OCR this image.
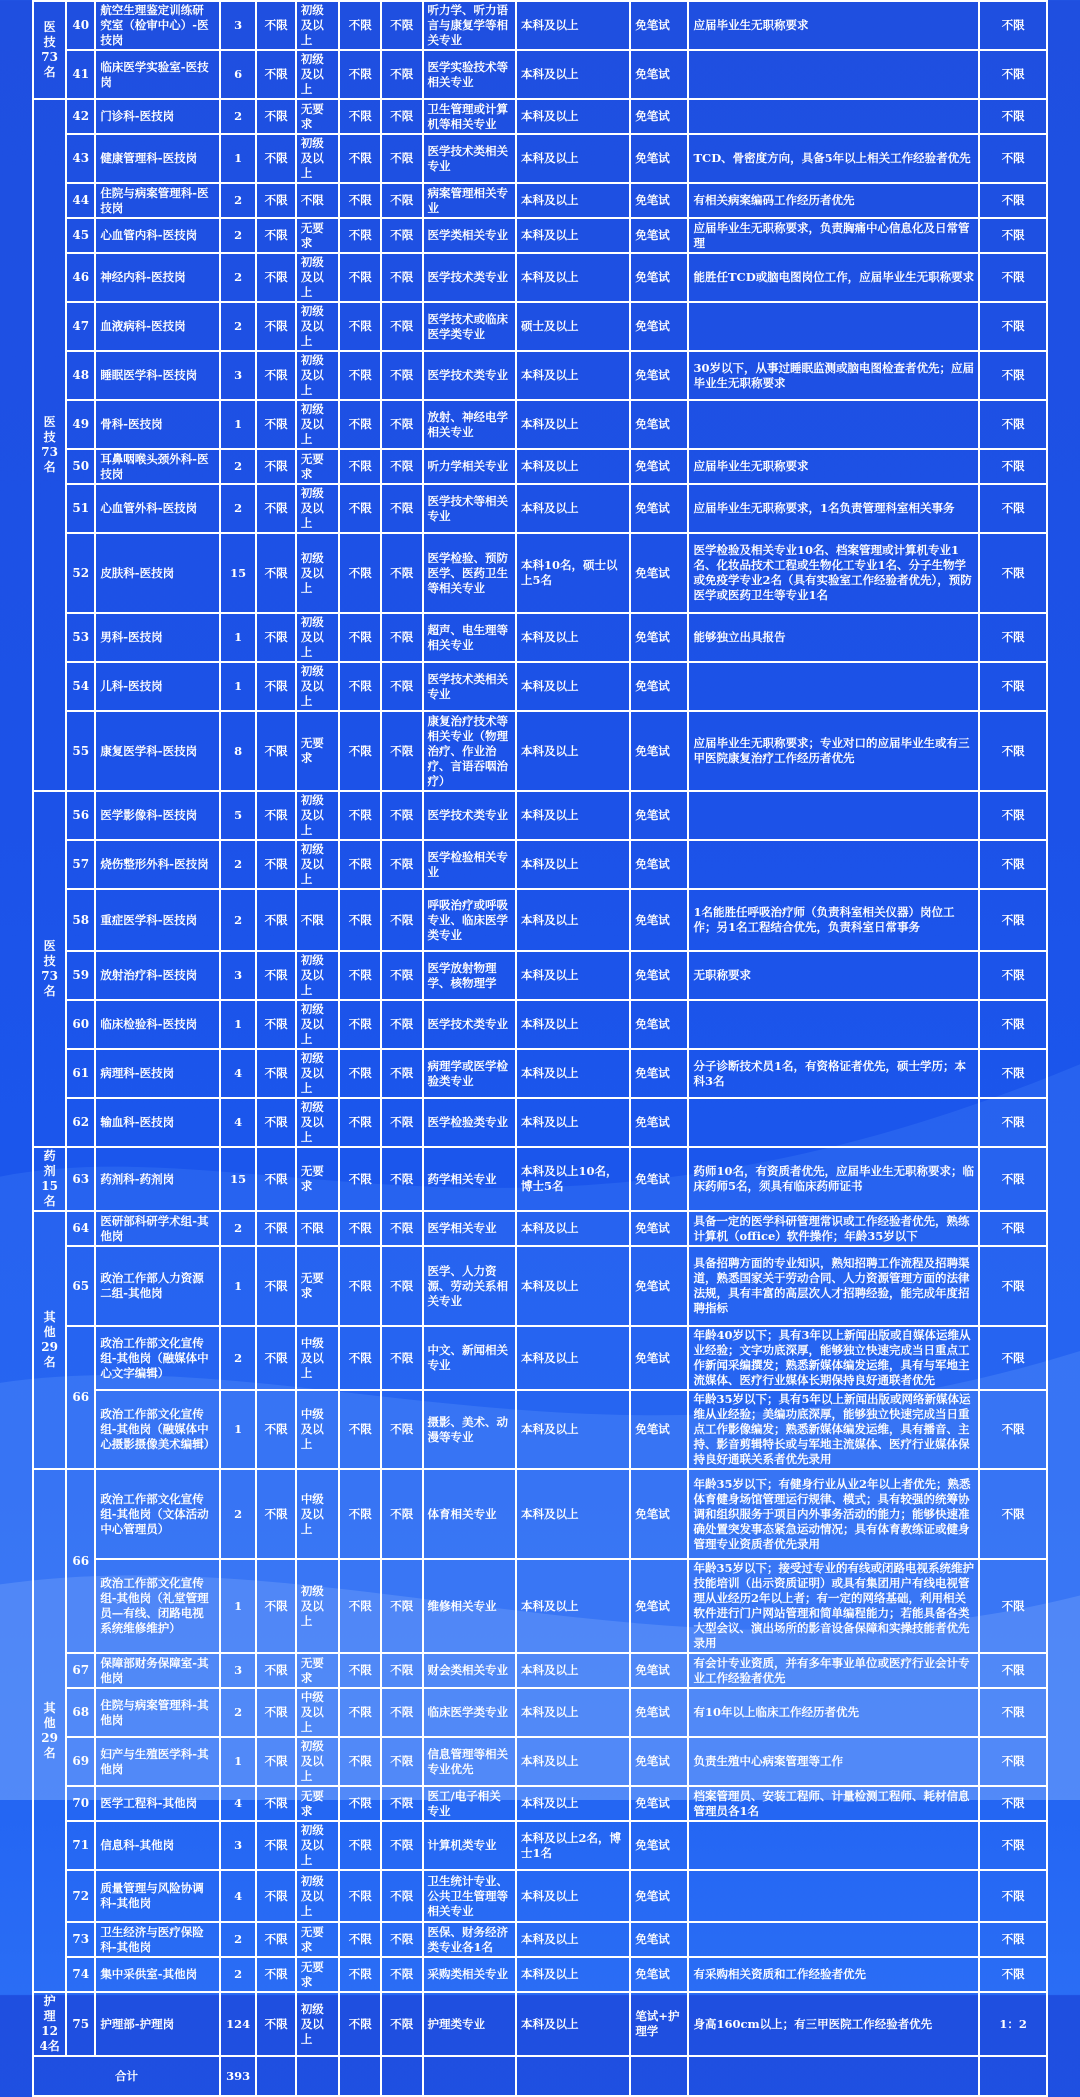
医技
73名	40	航空生理鉴定训练研究室（检审中心）-医技岗	3	不限	初级及以上	不限	不限	听力学、听力语言与康复学等相关专业	本科及以上	免笔试	应届毕业生无职称要求	不限
	41	临床医学实验室-医技岗	6	不限	初级及以上	不限	不限	医学实验技术等相关专业	本科及以上	免笔试		不限
医技
73名	42	门诊科-医技岗	2	不限	无要求	不限	不限	卫生管理或计算机等相关专业	本科及以上	免笔试		不限
	43	健康管理科-医技岗	1	不限	初级及以上	不限	不限	医学技术类相关专业	本科及以上	免笔试	TCD、骨密度方向，具备5年以上相关工作经验者优先	不限
	44	住院与病案管理科-医技岗	2	不限	不限	不限	不限	病案管理相关专业	本科及以上	免笔试	有相关病案编码工作经历者优先	不限
	45	心血管内科-医技岗	2	不限	无要求	不限	不限	医学类相关专业	本科及以上	免笔试	应届毕业生无职称要求，负责胸痛中心信息化及日常管理	不限
	46	神经内科-医技岗	2	不限	初级及以上	不限	不限	医学技术类专业	本科及以上	免笔试	能胜任TCD或脑电图岗位工作，应届毕业生无职称要求	不限
	47	血液病科-医技岗	2	不限	初级及以上	不限	不限	医学技术或临床医学类专业	硕士及以上	免笔试		不限
	48	睡眠医学科-医技岗	3	不限	初级及以上	不限	不限	医学技术类专业	本科及以上	免笔试	30岁以下，从事过睡眠监测或脑电图检查者优先；应届毕业生无职称要求	不限
	49	骨科-医技岗	1	不限	初级及以上	不限	不限	放射、神经电学相关专业	本科及以上	免笔试		不限
	50	耳鼻咽喉头颈外科-医技岗	2	不限	无要求	不限	不限	听力学相关专业	本科及以上	免笔试	应届毕业生无职称要求	不限
	51	心血管外科-医技岗	2	不限	初级及以上	不限	不限	医学技术等相关专业	本科及以上	免笔试	应届毕业生无职称要求，1名负责管理科室相关事务	不限
	52	皮肤科-医技岗	15	不限	初级及以上	不限	不限	医学检验、预防医学、医药卫生等相关专业	本科10名，硕士以上5名	免笔试	医学检验及相关专业10名、档案管理或计算机专业1名、化妆品技术工程或生物化工专业1名、分子生物学或免疫学专业2名（具有实验室工作经验者优先），预防医学或医药卫生等专业1名	不限
	53	男科-医技岗	1	不限	初级及以上	不限	不限	超声、电生理等相关专业	本科及以上	免笔试	能够独立出具报告	不限
	54	儿科-医技岗	1	不限	初级及以上	不限	不限	医学技术类相关专业	本科及以上	免笔试		不限
	55	康复医学科-医技岗	8	不限	无要求	不限	不限	康复治疗技术等相关专业（物理治疗、作业治疗、言语吞咽治疗）	本科及以上	免笔试	应届毕业生无职称要求；专业对口的应届毕业生或有三甲医院康复治疗工作经历者优先	不限
医技
73名	56	医学影像科-医技岗	5	不限	初级及以上	不限	不限	医学技术类专业	本科及以上	免笔试		不限
	57	烧伤整形外科-医技岗	2	不限	初级及以上	不限	不限	医学检验相关专业	本科及以上	免笔试		不限
	58	重症医学科-医技岗	2	不限	不限	不限	不限	呼吸治疗或呼吸专业、临床医学类专业	本科及以上	免笔试	1名能胜任呼吸治疗师（负责科室相关仪器）岗位工作；另1名工程结合优先，负责科室日常事务	不限
	59	放射治疗科-医技岗	3	不限	初级及以上	不限	不限	医学放射物理学、核物理学	本科及以上	免笔试	无职称要求	不限
	60	临床检验科-医技岗	1	不限	初级及以上	不限	不限	医学技术类专业	本科及以上	免笔试		不限
	61	病理科-医技岗	4	不限	初级及以上	不限	不限	病理学或医学检验类专业	本科及以上	免笔试	分子诊断技术员1名，有资格证者优先，硕士学历；本科3名	不限
	62	输血科-医技岗	4	不限	初级及以上	不限	不限	医学检验类专业	本科及以上	免笔试		不限
药剂
15名	63	药剂科-药剂岗	15	不限	无要求	不限	不限	药学相关专业	本科及以上10名，博士5名	免笔试	药师10名，有资质者优先，应届毕业生无职称要求；临床药师5名，须具有临床药师证书	不限
其他
29名	64	医研部科研学术组-其他岗	2	不限	不限	不限	不限	医学相关专业	本科及以上	免笔试	具备一定的医学科研管理常识或工作经验者优先，熟练计算机（office）软件操作；年龄35岁以下	不限
	65	政治工作部人力资源二组-其他岗	1	不限	无要求	不限	不限	医学、人力资源、劳动关系相关专业	本科及以上	免笔试	具备招聘方面的专业知识，熟知招聘工作流程及招聘渠道，熟悉国家关于劳动合同、人力资源管理方面的法律法规，具有丰富的高层次人才招聘经验，能完成年度招聘指标	不限
	66	政治工作部文化宣传组-其他岗（融媒体中心文字编辑）	2	不限	中级及以上	不限	不限	中文、新闻相关专业	本科及以上	免笔试	年龄40岁以下；具有3年以上新闻出版或自媒体运维从业经验；文字功底深厚，能够独立快速完成当日重点工作新闻采编撰发；熟悉新媒体编发运维，具有与军地主流媒体、医疗行业媒体长期保持良好通联者优先	不限
		政治工作部文化宣传组-其他岗（融媒体中心摄影摄像美术编辑）	1	不限	中级及以上	不限	不限	摄影、美术、动漫等专业	本科及以上	免笔试	年龄35岁以下；具有5年以上新闻出版或网络新媒体运维从业经验；美编功底深厚，能够独立快速完成当日重点工作影像编发；熟悉新媒体编发运维，具有播音、主持、影音剪辑特长或与军地主流媒体、医疗行业媒体保持良好通联关系者优先录用	不限
其他
29名	66	政治工作部文化宣传组-其他岗（文体活动中心管理员）	2	不限	中级及以上	不限	不限	体育相关专业	本科及以上	免笔试	年龄35岁以下；有健身行业从业2年以上者优先；熟悉体育健身场馆管理运行规律、模式；具有较强的统筹协调和组织服务于项目内外事务活动的能力；能够快速准确处置突发事态紧急运动情况；具有体育教练证或健身管理专业资质者优先录用	不限
		政治工作部文化宣传组-其他岗（礼堂管理员—有线、闭路电视系统维修维护）	1	不限	初级及以上	不限	不限	维修相关专业	本科及以上	免笔试	年龄35岁以下；接受过专业的有线或闭路电视系统维护技能培训（出示资质证明）或具有集团用户有线电视管理从业经历2年以上者；有一定的网络基础，利用相关软件进行门户网站管理和简单编程能力；若能具备各类大型会议、演出场所的影音设备保障和实操技能者优先录用	不限
	67	保障部财务保障室-其他岗	3	不限	无要求	不限	不限	财会类相关专业	本科及以上	免笔试	有会计专业资质，并有多年事业单位或医疗行业会计专业工作经验者优先	不限
	68	住院与病案管理科-其他岗	2	不限	中级及以上	不限	不限	临床医学类专业	本科及以上	免笔试	有10年以上临床工作经历者优先	不限
	69	妇产与生殖医学科-其他岗	1	不限	初级及以上	不限	不限	信息管理等相关专业优先	本科及以上	免笔试	负责生殖中心病案管理等工作	不限
	70	医学工程科-其他岗	4	不限	无要求	不限	不限	医工/电子相关专业	本科及以上	免笔试	档案管理员、安装工程师、计量检测工程师、耗材信息管理员各1名	不限
	71	信息科-其他岗	3	不限	初级及以上	不限	不限	计算机类专业	本科及以上2名，博士1名	免笔试		不限
	72	质量管理与风险协调科-其他岗	4	不限	初级及以上	不限	不限	卫生统计专业、公共卫生管理等相关专业	本科及以上	免笔试		不限
	73	卫生经济与医疗保险科-其他岗	2	不限	无要求	不限	不限	医保、财务经济类专业各1名	本科及以上	免笔试		不限
	74	集中采供室-其他岗	2	不限	无要求	不限	不限	采购类相关专业	本科及以上	免笔试	有采购相关资质和工作经验者优先	不限
护理
124名	75	护理部-护理岗	124	不限	初级及以上	不限	不限	护理类专业	本科及以上	笔试+护理学	身高160cm以上；有三甲医院工作经验者优先	1：2
合计			393									
